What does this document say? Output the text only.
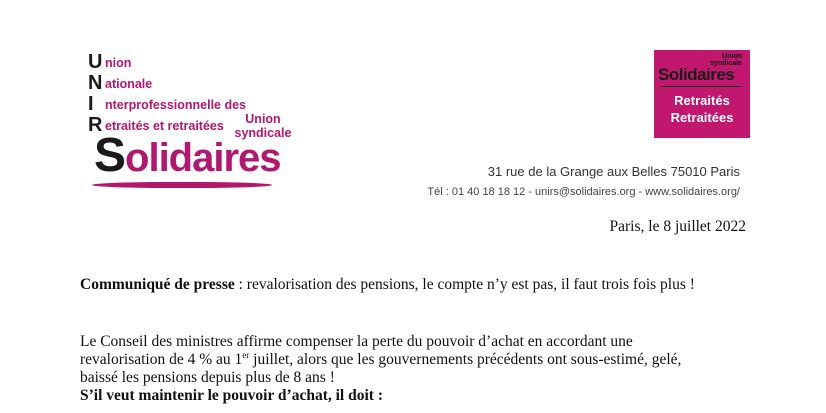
U nion
N ationale
I nterprofessionnelle des
R etraités et retraitées	Union syndicale
Solidaires
Union
syndicale
Solidaires
Retraités
Retraitées
31 rue de la Grange aux Belles 75010 Paris
Tél : 01 40 18 18 12 - unirs@solidaires.org - www.solidaires.org/
Paris, le 8 juillet 2022
Communiqué de presse : revalorisation des pensions, le compte n’y est pas, il faut trois fois plus !
Le Conseil des ministres affirme compenser la perte du pouvoir d’achat en accordant une
revalorisation de 4 % au 1er juillet, alors que les gouvernements précédents ont sous-estimé, gelé,
baissé les pensions depuis plus de 8 ans !
S’il veut maintenir le pouvoir d’achat, il doit :
